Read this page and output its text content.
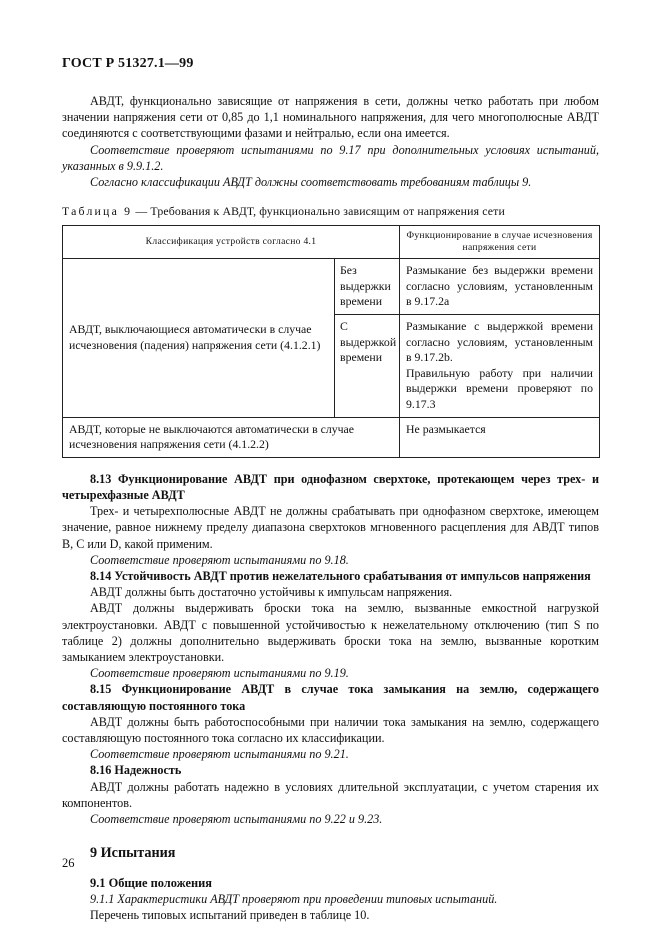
ГОСТ Р 51327.1—99

АВДТ, функционально зависящие от напряжения в сети, должны четко работать при любом значении напряжения сети от 0,85 до 1,1 номинального напряжения, для чего многополюсные АВДТ соединяются с соответствующими фазами и нейтралью, если она имеется.

Соответствие проверяют испытаниями по 9.17 при дополнительных условиях испытаний, указанных в 9.9.1.2.

Согласно классификации АВДТ должны соответствовать требованиям таблицы 9.

Таблица 9 — Требования к АВДТ, функционально зависящим от напряжения сети
Классификация устройств согласно 4.1		Функционирование в случае исчезновения напряжения сети
АВДТ, выключающиеся автоматически в случае исчезновения (падения) напряжения сети (4.1.2.1)	Без выдержки времени	Размыкание без выдержки времени согласно условиям, установленным в 9.17.2а
	С выдержкой времени	Размыкание с выдержкой времени согласно условиям, установленным в 9.17.2b.
Правильную работу при наличии выдержки времени проверяют по 9.17.3

АВДТ, которые не выключаются автоматически в случае исчезновения напряжения сети (4.1.2.2)		Не размыкается

8.13 Функционирование АВДТ при однофазном сверхтоке, протекающем через трех- и четырехфазные АВДТ

Трех- и четырехполюсные АВДТ не должны срабатывать при однофазном сверхтоке, имеющем значение, равное нижнему пределу диапазона сверхтоков мгновенного расцепления для АВДТ типов В, С или D, какой применим.

Соответствие проверяют испытаниями по 9.18.

8.14 Устойчивость АВДТ против нежелательного срабатывания от импульсов напряжения

АВДТ должны быть достаточно устойчивы к импульсам напряжения.

АВДТ должны выдерживать броски тока на землю, вызванные емкостной нагрузкой электроустановки. АВДТ с повышенной устойчивостью к нежелательному отключению (тип S по таблице 2) должны дополнительно выдерживать броски тока на землю, вызванные коротким замыканием электроустановки.

Соответствие проверяют испытаниями по 9.19.

8.15 Функционирование АВДТ в случае тока замыкания на землю, содержащего составляющую постоянного тока

АВДТ должны быть работоспособными при наличии тока замыкания на землю, содержащего составляющую постоянного тока согласно их классификации.

Соответствие проверяют испытаниями по 9.21.

8.16 Надежность

АВДТ должны работать надежно в условиях длительной эксплуатации, с учетом старения их компонентов.

Соответствие проверяют испытаниями по 9.22 и 9.23.

9 Испытания
9.1 Общие положения

9.1.1 Характеристики АВДТ проверяют при проведении типовых испытаний.

Перечень типовых испытаний приведен в таблице 10.

26
